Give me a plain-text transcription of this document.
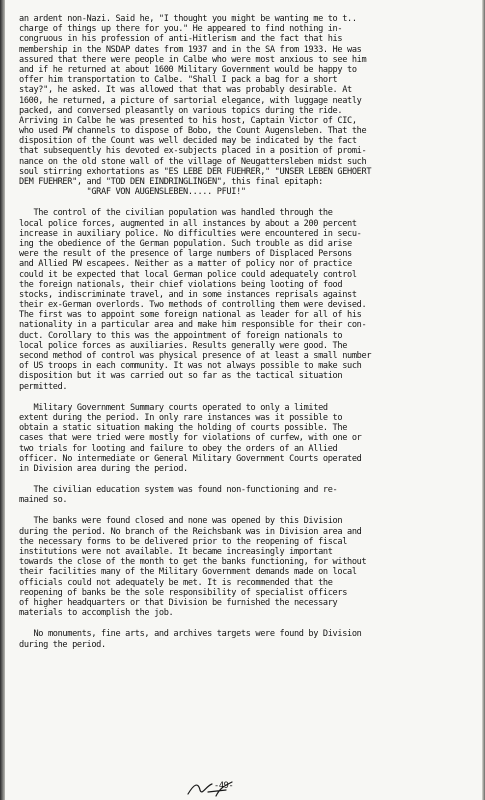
an ardent non-Nazi. Said he, "I thought you might be wanting me to t..
charge of things up there for you." He appeared to find nothing in-
congruous in his profession of anti-Hitlerism and the fact that his
membership in the NSDAP dates from 1937 and in the SA from 1933. He was
assured that there were people in Calbe who were most anxious to see him
and if he returned at about 1600 Military Government would be happy to
offer him transportation to Calbe. "Shall I pack a bag for a short
stay?", he asked. It was allowed that that was probably desirable. At
1600, he returned, a picture of sartorial elegance, with luggage neatly
packed, and conversed pleasantly on various topics during the ride.
Arriving in Calbe he was presented to his host, Captain Victor of CIC,
who used PW channels to dispose of Bobo, the Count Augensleben. That the
disposition of the Count was well decided may be indicated by the fact
that subsequently his devoted ex-subjects placed in a position of promi-
nance on the old stone wall of the village of Neugattersleben midst such
soul stirring exhortations as "ES LEBE DER FUEHRER," "UNSER LEBEN GEHOERT
DEM FUEHRER", and "TOD DEN EINDRINGLINGEN", this final epitaph:
"GRAF VON AUGENSLEBEN..... PFUI!"
The control of the civilian population was handled through the
local police forces, augmented in all instances by about a 200 percent
increase in auxiliary police. No difficulties were encountered in secu-
ing the obedience of the German population. Such trouble as did arise
were the result of the presence of large numbers of Displaced Persons
and Allied PW escapees. Neither as a matter of policy nor of practice
could it be expected that local German police could adequately control
the foreign nationals, their chief violations being looting of food
stocks, indiscriminate travel, and in some instances reprisals against
their ex-German overlords. Two methods of controlling them were devised.
The first was to appoint some foreign national as leader for all of his
nationality in a particular area and make him responsible for their con-
duct. Corollary to this was the appointment of foreign nationals to
local police forces as auxiliaries. Results generally were good. The
second method of control was physical presence of at least a small number
of US troops in each community. It was not always possible to make such
disposition but it was carried out so far as the tactical situation
permitted.
Military Government Summary courts operated to only a limited
extent during the period. In only rare instances was it possible to
obtain a static situation making the holding of courts possible. The
cases that were tried were mostly for violations of curfew, with one or
two trials for looting and failure to obey the orders of an Allied
officer. No intermediate or General Military Government Courts operated
in Division area during the period.
The civilian education system was found non-functioning and re-
mained so.
The banks were found closed and none was opened by this Division
during the period. No branch of the Reichsbank was in Division area and
the necessary forms to be delivered prior to the reopening of fiscal
institutions were not available. It became increasingly important
towards the close of the month to get the banks functioning, for without
their facilities many of the Military Government demands made on local
officials could not adequately be met. It is recommended that the
reopening of banks be the sole responsibility of specialist officers
of higher headquarters or that Division be furnished the necessary
materials to accomplish the job.
No monuments, fine arts, and archives targets were found by Division
during the period.
-49-
